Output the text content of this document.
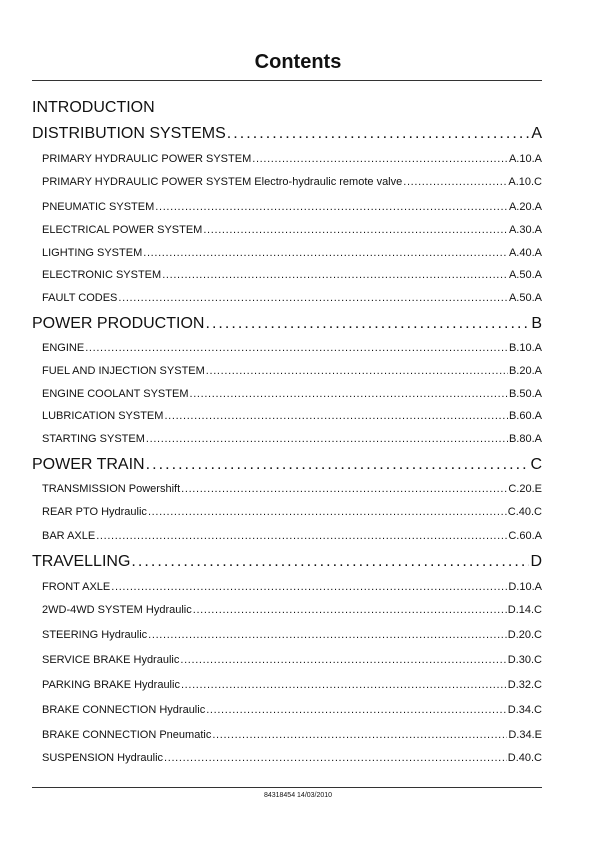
Contents
INTRODUCTION
DISTRIBUTION SYSTEMS . . .	A
PRIMARY HYDRAULIC POWER SYSTEM . . .	A.10.A
PRIMARY HYDRAULIC POWER SYSTEM Electro-hydraulic remote valve . . .	A.10.C
PNEUMATIC SYSTEM . . .	A.20.A
ELECTRICAL POWER SYSTEM . . .	A.30.A
LIGHTING SYSTEM . . .	A.40.A
ELECTRONIC SYSTEM . . .	A.50.A
FAULT CODES . . .	A.50.A
POWER PRODUCTION . . .	B
ENGINE . . .	B.10.A
FUEL AND INJECTION SYSTEM . . .	B.20.A
ENGINE COOLANT SYSTEM . . .	B.50.A
LUBRICATION SYSTEM . . .	B.60.A
STARTING SYSTEM . . .	B.80.A
POWER TRAIN . . .	C
TRANSMISSION Powershift . . .	C.20.E
REAR PTO Hydraulic . . .	C.40.C
BAR AXLE . . .	C.60.A
TRAVELLING . . .	D
FRONT AXLE . . .	D.10.A
2WD-4WD SYSTEM Hydraulic . . .	D.14.C
STEERING Hydraulic . . .	D.20.C
SERVICE BRAKE Hydraulic . . .	D.30.C
PARKING BRAKE Hydraulic . . .	D.32.C
BRAKE CONNECTION Hydraulic . . .	D.34.C
BRAKE CONNECTION Pneumatic . . .	D.34.E
SUSPENSION Hydraulic . . .	D.40.C
84318454 14/03/2010
